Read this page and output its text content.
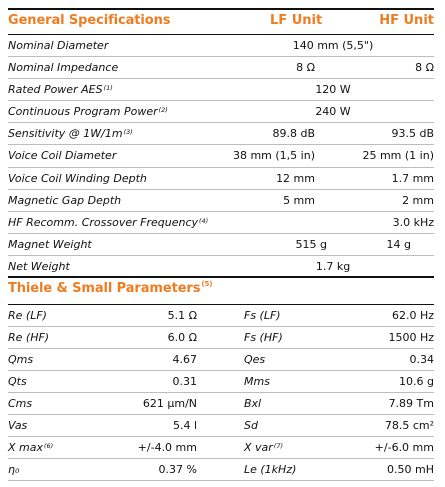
General Specifications	LF Unit	HF Unit
Nominal Diameter	140 mm (5,5")
Nominal Impedance	8 Ω	8 Ω
Rated Power AES$^{(1)}$	120 W
Continuous Program Power$^{(2)}$	240 W
Sensitivity @ $1W/1m^{(3)}$	89.8 dB	93.5 dB
Voice Coil Diameter	38 mm (1,5 in)	25 mm (1 in)
Voice Coil Winding Depth	12 mm	1.7 mm
Magnetic Gap Depth	5 mm	2 mm
HF Recomm. Crossover Frequency$^{(4)}$	3.0 kHz
Magnet Weight	515 g	14 g
Net Weight	1.7 kg
Thiele & Small Parameters$^{(5)}$
Re (LF)	5.1 Ω	Fs (LF)	62.0 Hz
Re (HF)	6.0 Ω	Fs (HF)	1500 Hz
Qms	4.67	Qes	0.34
Qts	0.31	Mms	10.6 g
Cms	621 µm/N	Bxl	7.89 Tm
Vas	5.4 l	Sd	78.5 cm²
X $\max^{(6)}$	+/-4.0 mm	X var$^{(7)}$	+/-6.0 mm
η₀	0.37 %	Le (1kHz)	0.50 mH
